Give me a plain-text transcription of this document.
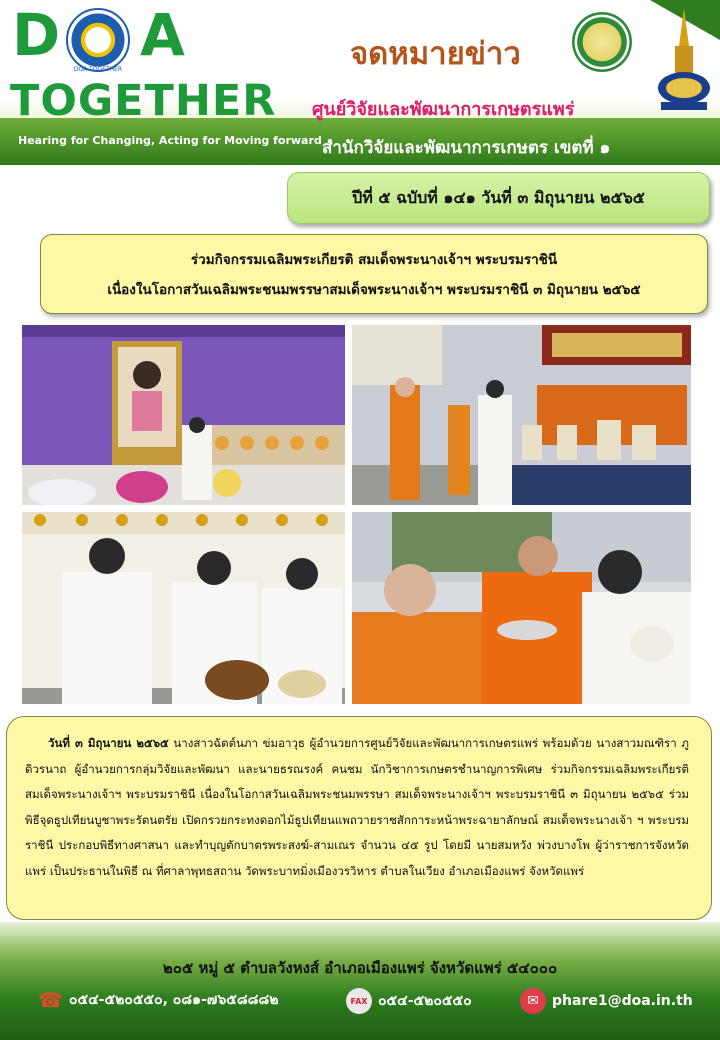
D
DOA TOGETHER
A
TOGETHER
Hearing for Changing, Acting for Moving forward
จดหมายข่าว
ศูนย์วิจัยและพัฒนาการเกษตรแพร่
สำนักวิจัยและพัฒนาการเกษตร เขตที่ ๑
ปีที่ ๕ ฉบับที่ ๑๔๑ วันที่ ๓ มิถุนายน ๒๕๖๕
ร่วมกิจกรรมเฉลิมพระเกียรติ สมเด็จพระนางเจ้าฯ พระบรมราชินี
เนื่องในโอกาสวันเฉลิมพระชนมพรรษาสมเด็จพระนางเจ้าฯ พระบรมราชินี ๓ มิถุนายน ๒๕๖๕

  วันที่ ๓ มิถุนายน ๒๕๖๕ นางสาวฉัตต์นภา ข่มอาวุธ ผู้อำนวยการศูนย์วิจัยและพัฒนาการเกษตรแพร่ พร้อมด้วย นางสาวมณฑิรา ภูดิวรนาถ ผู้อำนวยการกลุ่มวิจัยและพัฒนา และนายธรณรงค์ คนชม นักวิชาการเกษตรชำนาญการพิเศษ ร่วมกิจกรรมเฉลิมพระเกียรติ สมเด็จพระนางเจ้าฯ พระบรมราชินี เนื่องในโอกาสวันเฉลิมพระชนมพรรษา สมเด็จพระนางเจ้าฯ พระบรมราชินี ๓ มิถุนายน ๒๕๖๕ ร่วมพิธีจุดธูปเทียนบูชาพระรัตนตรัย เปิดกรวยกระทงดอกไม้ธูปเทียนแพถวายราชสักการะหน้าพระฉายาลักษณ์ สมเด็จพระนางเจ้า ฯ พระบรมราชินี ประกอบพิธีทางศาสนา และทำบุญตักบาตรพระสงฆ์-สามเณร จำนวน ๔๕ รูป โดยมี นายสมหวัง พ่วงบางโพ ผู้ว่าราชการจังหวัดแพร่ เป็นประธานในพิธี ณ ที่ศาลาพุทธสถาน วัดพระบาทมิ่งเมืองวรวิหาร ตำบลในเวียง อำเภอเมืองแพร่ จังหวัดแพร่

๒๐๕ หมู่ ๕ ตำบลวังหงส์ อำเภอเมืองแพร่ จังหวัดแพร่ ๕๔๐๐๐
☎ ๐๕๔-๕๒๐๕๕๐, ๐๘๑-๗๖๕๘๘๘๒	FAX ๐๕๔-๕๒๐๕๕๐	✉ phare1@doa.in.th
